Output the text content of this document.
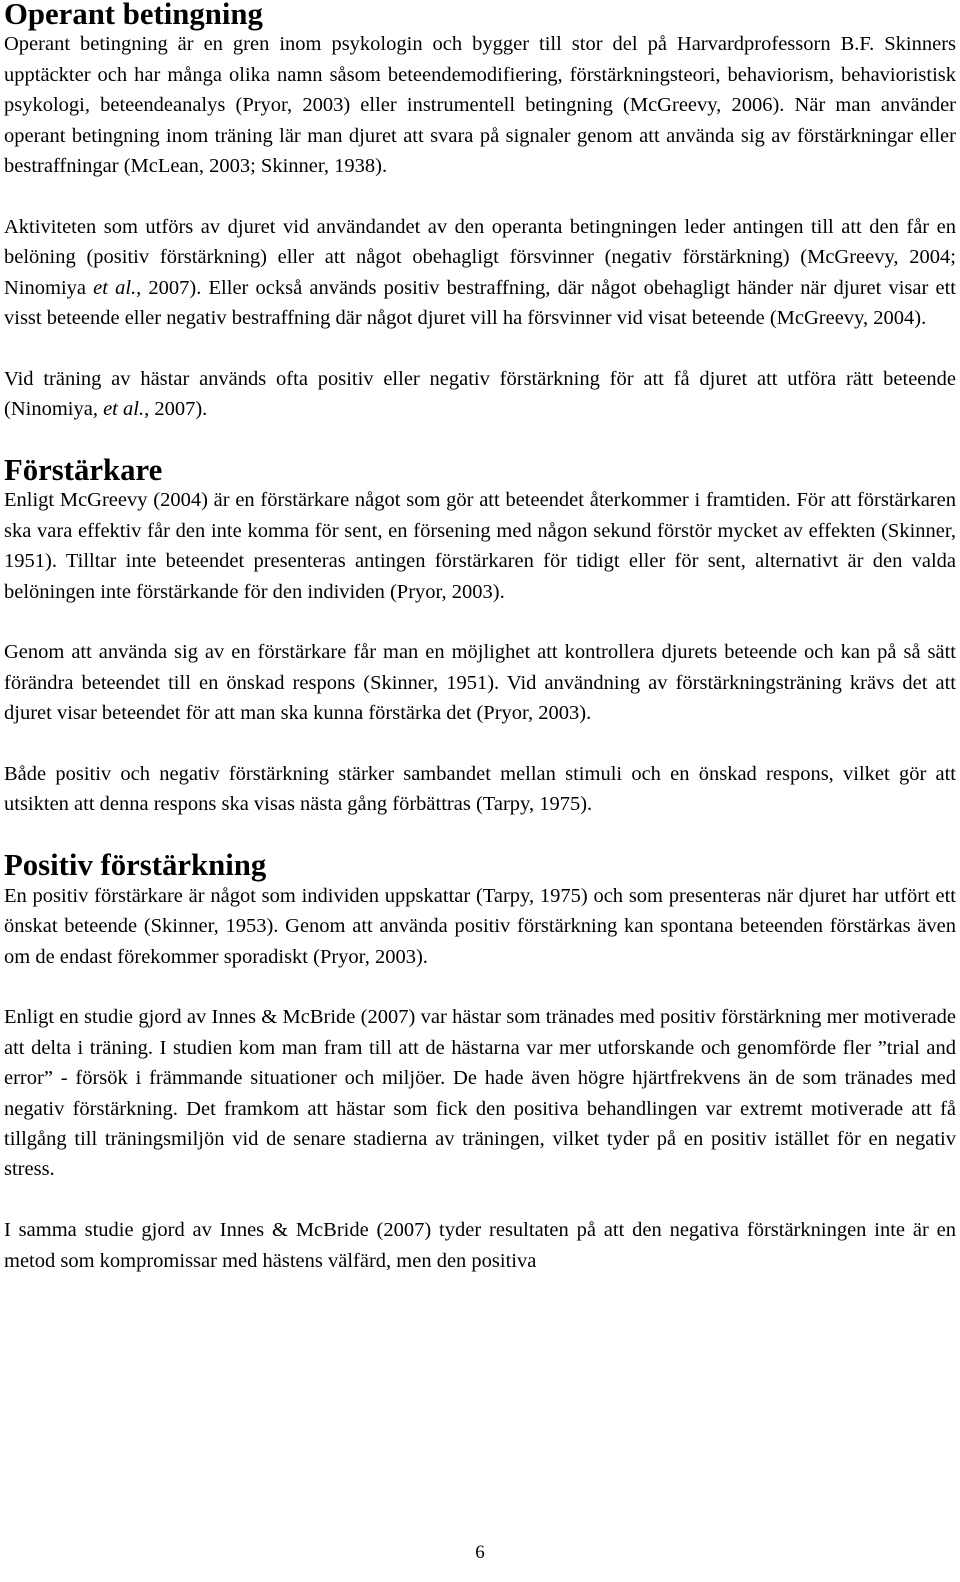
Operant betingning

Operant betingning är en gren inom psykologin och bygger till stor del på Harvardprofessorn B.F. Skinners upptäckter och har många olika namn såsom beteendemodifiering, förstärkningsteori, behaviorism, behavioristisk psykologi, beteendeanalys (Pryor, 2003) eller instrumentell betingning (McGreevy, 2006). När man använder operant betingning inom träning lär man djuret att svara på signaler genom att använda sig av förstärkningar eller bestraffningar (McLean, 2003; Skinner, 1938).

Aktiviteten som utförs av djuret vid användandet av den operanta betingningen leder antingen till att den får en belöning (positiv förstärkning) eller att något obehagligt försvinner (negativ förstärkning) (McGreevy, 2004; Ninomiya et al., 2007). Eller också används positiv bestraffning, där något obehagligt händer när djuret visar ett visst beteende eller negativ bestraffning där något djuret vill ha försvinner vid visat beteende (McGreevy, 2004).

Vid träning av hästar används ofta positiv eller negativ förstärkning för att få djuret att utföra rätt beteende (Ninomiya, et al., 2007).

Förstärkare

Enligt McGreevy (2004) är en förstärkare något som gör att beteendet återkommer i framtiden. För att förstärkaren ska vara effektiv får den inte komma för sent, en försening med någon sekund förstör mycket av effekten (Skinner, 1951). Tilltar inte beteendet presenteras antingen förstärkaren för tidigt eller för sent, alternativt är den valda belöningen inte förstärkande för den individen (Pryor, 2003).

Genom att använda sig av en förstärkare får man en möjlighet att kontrollera djurets beteende och kan på så sätt förändra beteendet till en önskad respons (Skinner, 1951). Vid användning av förstärkningsträning krävs det att djuret visar beteendet för att man ska kunna förstärka det (Pryor, 2003).

Både positiv och negativ förstärkning stärker sambandet mellan stimuli och en önskad respons, vilket gör att utsikten att denna respons ska visas nästa gång förbättras (Tarpy, 1975).

Positiv förstärkning

En positiv förstärkare är något som individen uppskattar (Tarpy, 1975) och som presenteras när djuret har utfört ett önskat beteende (Skinner, 1953). Genom att använda positiv förstärkning kan spontana beteenden förstärkas även om de endast förekommer sporadiskt (Pryor, 2003).

Enligt en studie gjord av Innes & McBride (2007) var hästar som tränades med positiv förstärkning mer motiverade att delta i träning. I studien kom man fram till att de hästarna var mer utforskande och genomförde fler ”trial and error” - försök i främmande situationer och miljöer. De hade även högre hjärtfrekvens än de som tränades med negativ förstärkning. Det framkom att hästar som fick den positiva behandlingen var extremt motiverade att få tillgång till träningsmiljön vid de senare stadierna av träningen, vilket tyder på en positiv istället för en negativ stress.

I samma studie gjord av Innes & McBride (2007) tyder resultaten på att den negativa förstärkningen inte är en metod som kompromissar med hästens välfärd, men den positiva

6
